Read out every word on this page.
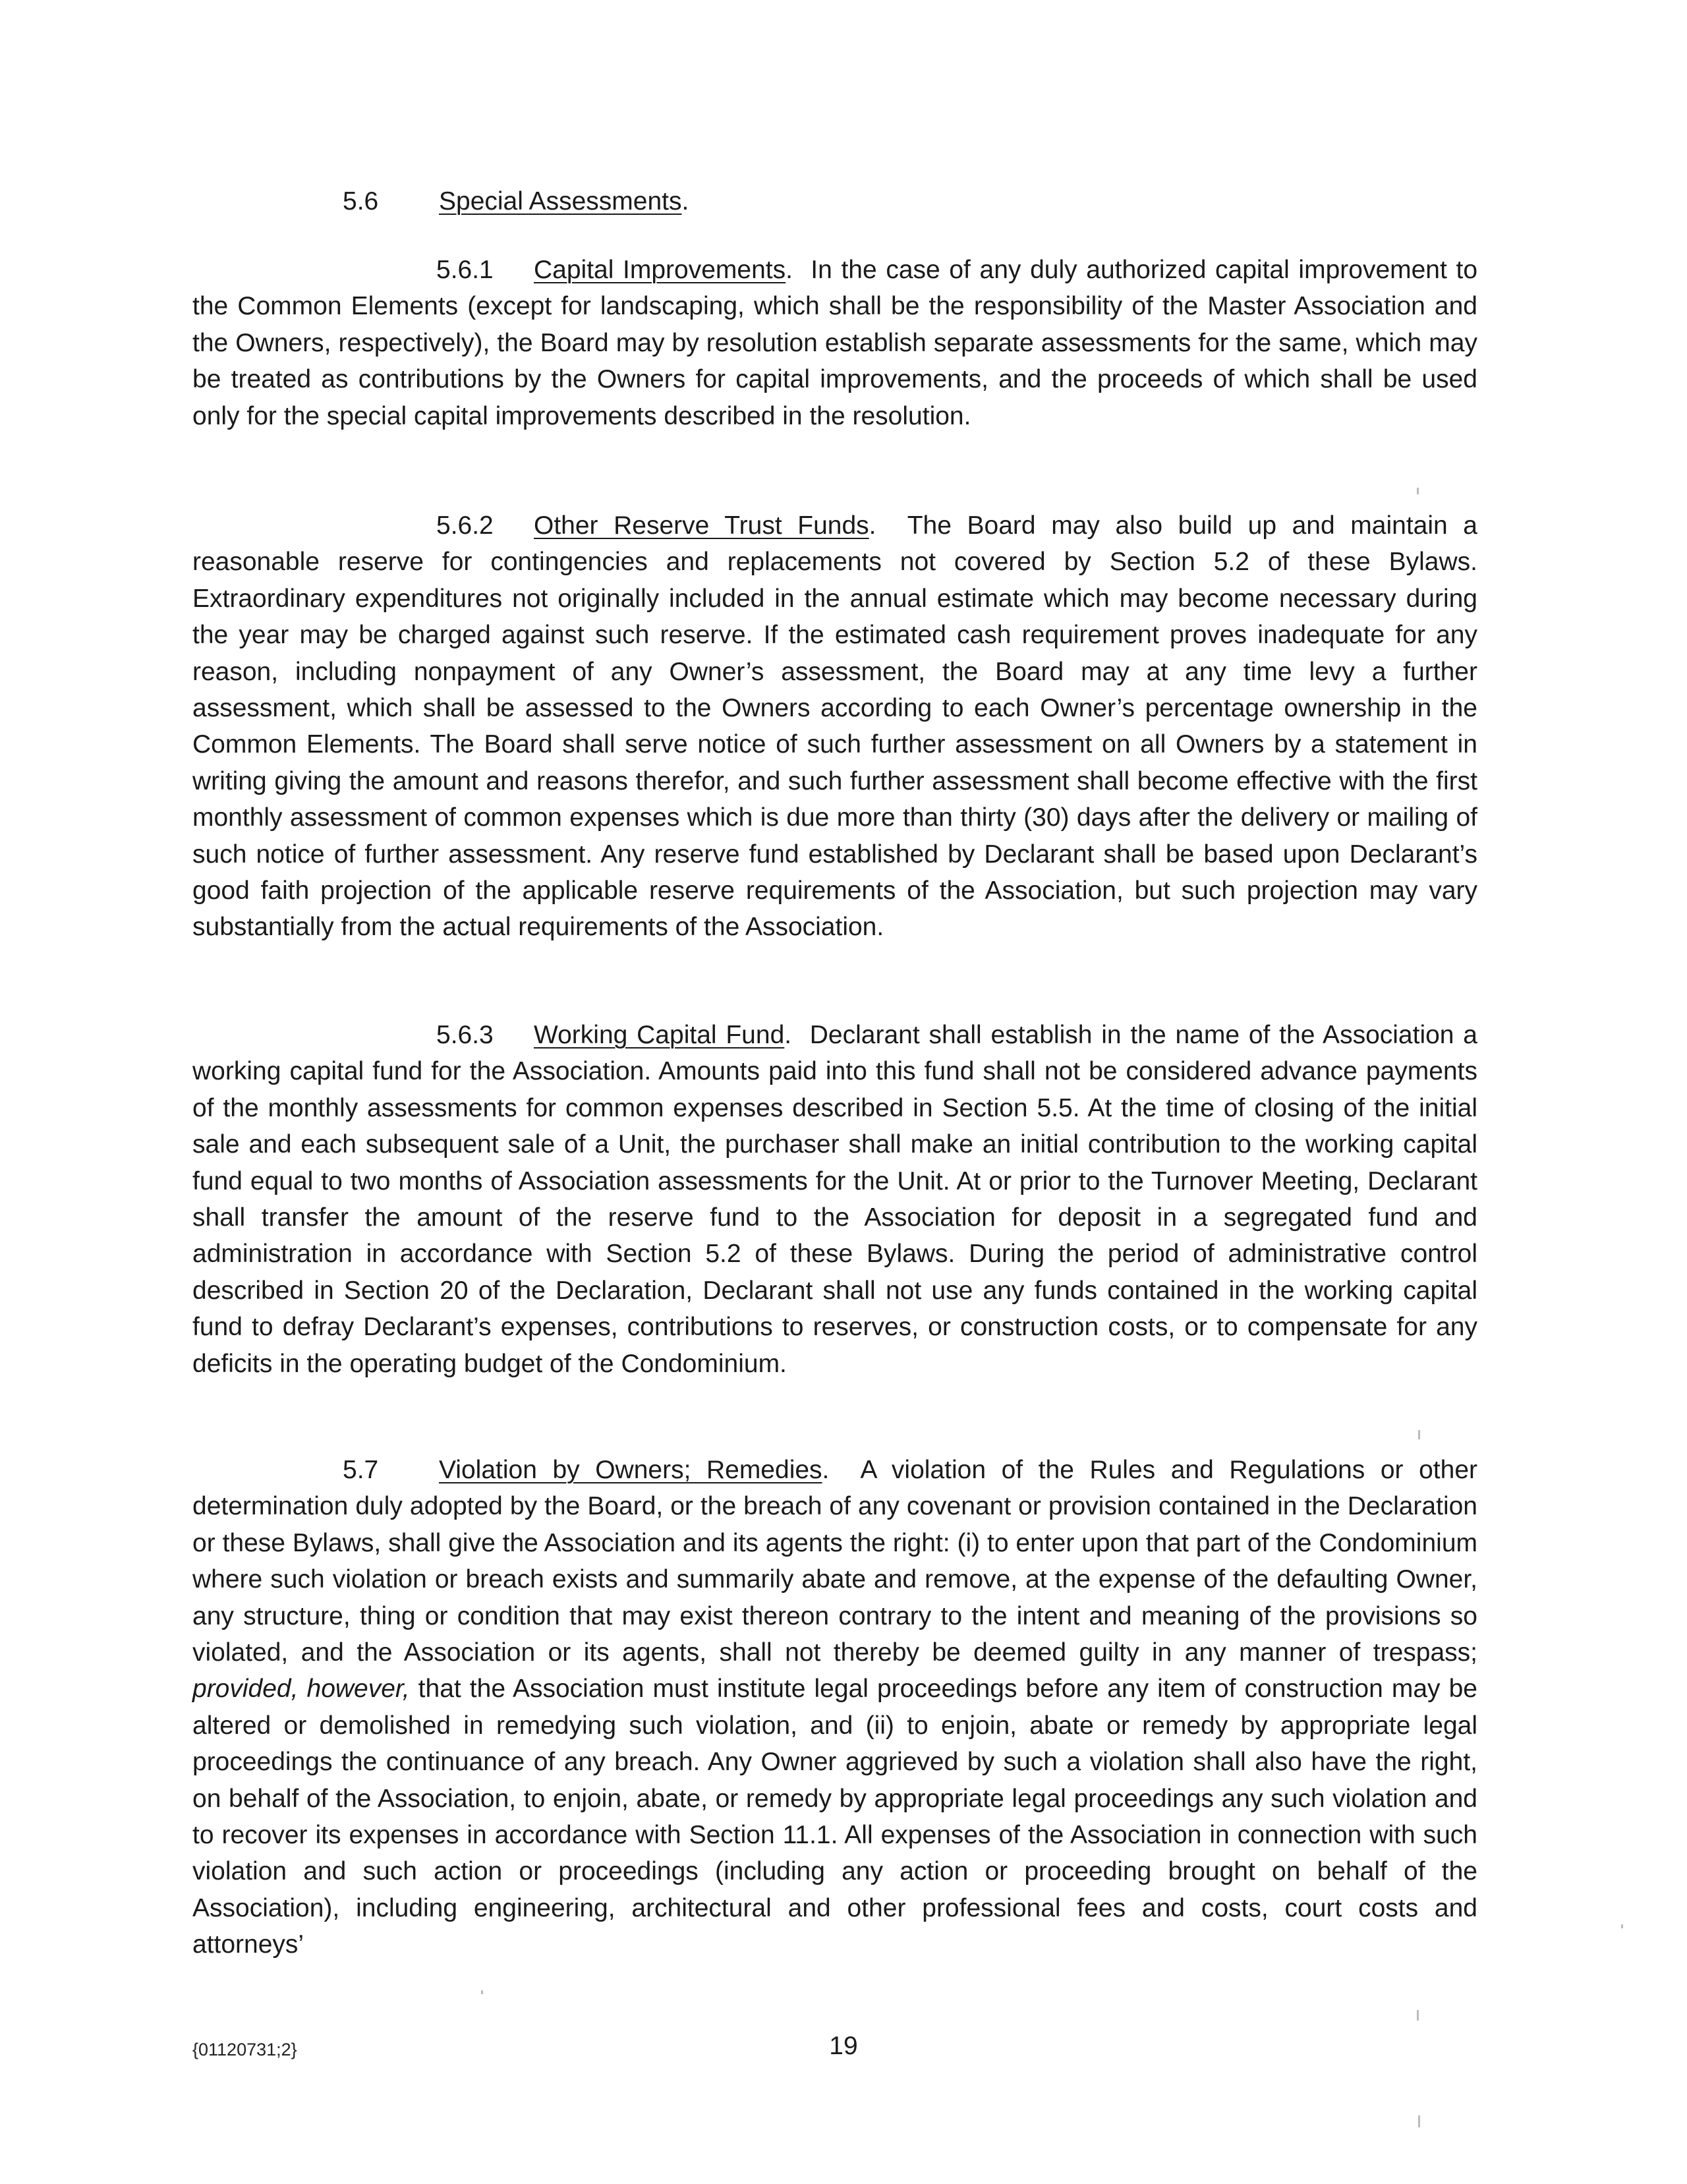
5.6 Special Assessments.

5.6.1 Capital Improvements. In the case of any duly authorized capital improvement to the Common Elements (except for landscaping, which shall be the responsibility of the Master Association and the Owners, respectively), the Board may by resolution establish separate assessments for the same, which may be treated as contributions by the Owners for capital improvements, and the proceeds of which shall be used only for the special capital improvements described in the resolution.

5.6.2 Other Reserve Trust Funds. The Board may also build up and maintain a reasonable reserve for contingencies and replacements not covered by Section 5.2 of these Bylaws. Extraordinary expenditures not originally included in the annual estimate which may become necessary during the year may be charged against such reserve. If the estimated cash requirement proves inadequate for any reason, including nonpayment of any Owner’s assessment, the Board may at any time levy a further assessment, which shall be assessed to the Owners according to each Owner’s percentage ownership in the Common Elements. The Board shall serve notice of such further assessment on all Owners by a statement in writing giving the amount and reasons therefor, and such further assessment shall become effective with the first monthly assessment of common expenses which is due more than thirty (30) days after the delivery or mailing of such notice of further assessment. Any reserve fund established by Declarant shall be based upon Declarant’s good faith projection of the applicable reserve requirements of the Association, but such projection may vary substantially from the actual requirements of the Association.

5.6.3 Working Capital Fund. Declarant shall establish in the name of the Association a working capital fund for the Association. Amounts paid into this fund shall not be considered advance payments of the monthly assessments for common expenses described in Section 5.5. At the time of closing of the initial sale and each subsequent sale of a Unit, the purchaser shall make an initial contribution to the working capital fund equal to two months of Association assessments for the Unit. At or prior to the Turnover Meeting, Declarant shall transfer the amount of the reserve fund to the Association for deposit in a segregated fund and administration in accordance with Section 5.2 of these Bylaws. During the period of administrative control described in Section 20 of the Declaration, Declarant shall not use any funds contained in the working capital fund to defray Declarant’s expenses, contributions to reserves, or construction costs, or to compensate for any deficits in the operating budget of the Condominium.

5.7 Violation by Owners; Remedies. A violation of the Rules and Regulations or other determination duly adopted by the Board, or the breach of any covenant or provision contained in the Declaration or these Bylaws, shall give the Association and its agents the right: (i) to enter upon that part of the Condominium where such violation or breach exists and summarily abate and remove, at the expense of the defaulting Owner, any structure, thing or condition that may exist thereon contrary to the intent and meaning of the provisions so violated, and the Association or its agents, shall not thereby be deemed guilty in any manner of trespass; provided, however, that the Association must institute legal proceedings before any item of construction may be altered or demolished in remedying such violation, and (ii) to enjoin, abate or remedy by appropriate legal proceedings the continuance of any breach. Any Owner aggrieved by such a violation shall also have the right, on behalf of the Association, to enjoin, abate, or remedy by appropriate legal proceedings any such violation and to recover its expenses in accordance with Section 11.1. All expenses of the Association in connection with such violation and such action or proceedings (including any action or proceeding brought on behalf of the Association), including engineering, architectural and other professional fees and costs, court costs and attorneys’

{01120731;2}	19
